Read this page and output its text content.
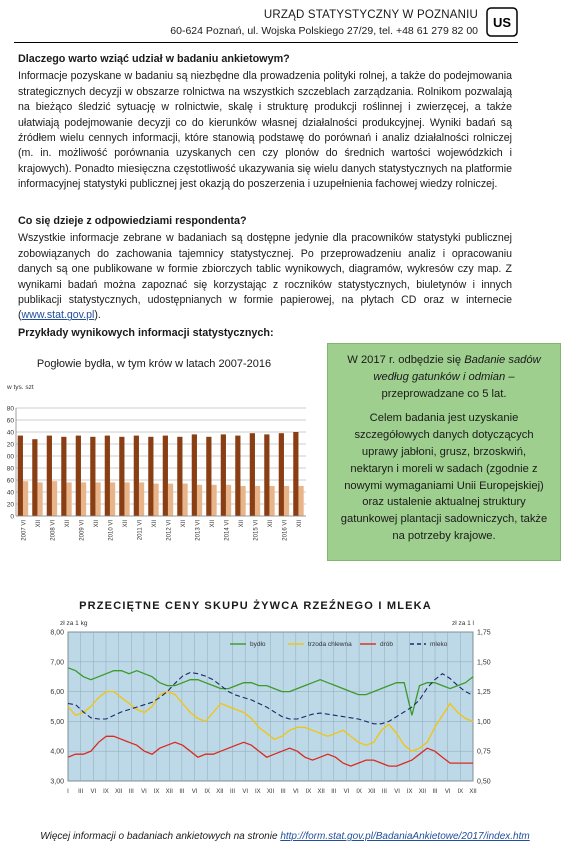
URZĄD STATYSTYCZNY W POZNANIU
60-624 Poznań, ul. Wojska Polskiego 27/29, tel. +48 61 279 82 00
US
Dlaczego warto wziąć udział w badaniu ankietowym?

Informacje pozyskane w badaniu są niezbędne dla prowadzenia polityki rolnej, a także do podejmowania strategicznych decyzji w obszarze rolnictwa na wszystkich szczeblach zarządzania. Rolnikom pozwalają na bieżąco śledzić sytuację w rolnictwie, skalę i strukturę produkcji roślinnej i zwierzęcej, a także ułatwiają podejmowanie decyzji co do kierunków własnej działalności produkcyjnej. Wyniki badań są źródłem wielu cennych informacji, które stanowią podstawę do porównań i analiz działalności rolniczej (m. in. możliwość porównania uzyskanych cen czy plonów do średnich wartości wojewódzkich i krajowych). Ponadto miesięczna częstotliwość ukazywania się wielu danych statystycznych na platformie informacyjnej statystyki publicznej jest okazją do poszerzenia i uzupełnienia fachowej wiedzy rolniczej.

Co się dzieje z odpowiedziami respondenta?

Wszystkie informacje zebrane w badaniach są dostępne jedynie dla pracowników statystyki publicznej zobowiązanych do zachowania tajemnicy statystycznej. Po przeprowadzeniu analiz i opracowaniu danych są one publikowane w formie zbiorczych tablic wynikowych, diagramów, wykresów czy map. Z wynikami badań można zapoznać się korzystając z roczników statystycznych, biuletynów i innych publikacji statystycznych, udostępnianych w formie papierowej, na płytach CD oraz w internecie (www.stat.gov.pl).

Przykłady wynikowych informacji statystycznych:
Pogłowie bydła, w tym krów w latach 2007-2016
w tys. szt
0
20
40
60
80
00
20
40
60
80
2007 VI XII 2008 VI XII 2009 VI XII 2010 VI XII 2011 VI XII 2012 VI XII 2013 VI XII 2014 VI XII 2015 VI XII 2016 VI XII

W 2017 r. odbędzie się Badanie sadów według gatunków i odmian – przeprowadzane co 5 lat.

Celem badania jest uzyskanie szczegółowych danych dotyczących uprawy jabłoni, grusz, brzoskwiń, nektaryn i moreli w sadach (zgodnie z nowymi wymaganiami Unii Europejskiej) oraz ustalenie aktualnej struktury gatunkowej plantacji sadowniczych, także na potrzeby krajowe.

PRZECIĘTNE CENY SKUPU ŻYWCA RZEŹNEGO I MLEKA
zł za 1 kg	zł za 1 l
3,00
4,00
5,00
6,00
7,00
8,00
0,50
0,75
1,00
1,25
1,50
1,75
I III VI IX XII III VI IX XII III VI IX XII III VI IX XII III VI IX XII III VI IX XII III VI IX XII III VI IX XII
bydło	trzoda chlewna	drób	mleko
Więcej informacji o badaniach ankietowych na stronie http://form.stat.gov.pl/BadaniaAnkietowe/2017/index.htm
